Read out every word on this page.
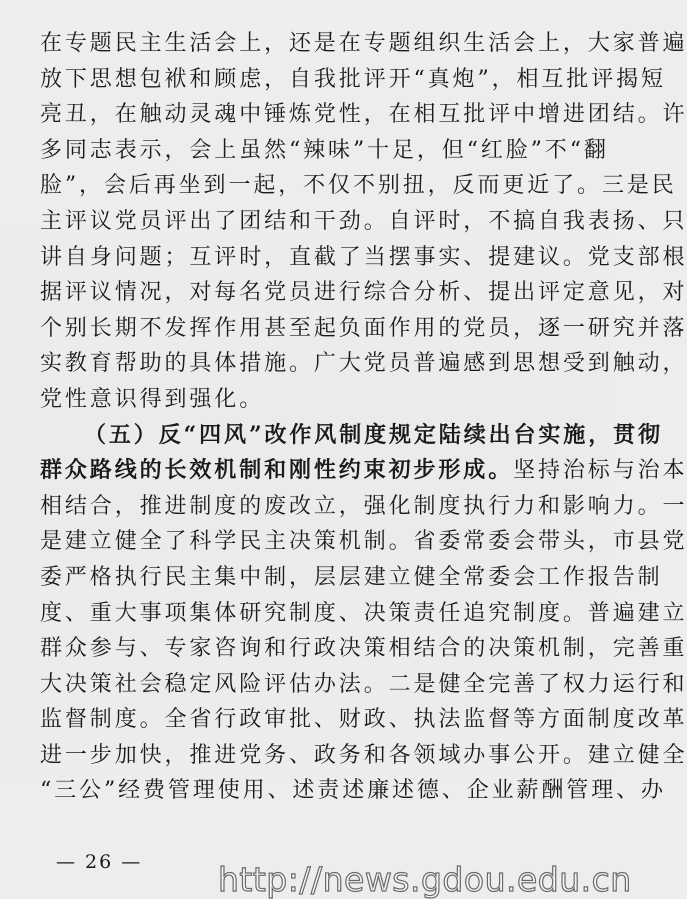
在专题民主生活会上，还是在专题组织生活会上，大家普遍
放下思想包袱和顾虑，自我批评开“真炮”，相互批评揭短
亮丑，在触动灵魂中锤炼党性，在相互批评中增进团结。许
多同志表示，会上虽然“辣味”十足，但“红脸”不“翻
脸”，会后再坐到一起，不仅不别扭，反而更近了。三是民
主评议党员评出了团结和干劲。自评时，不搞自我表扬、只
讲自身问题；互评时，直截了当摆事实、提建议。党支部根
据评议情况，对每名党员进行综合分析、提出评定意见，对
个别长期不发挥作用甚至起负面作用的党员，逐一研究并落
实教育帮助的具体措施。广大党员普遍感到思想受到触动，
党性意识得到强化。
（五）反“四风”改作风制度规定陆续出台实施，贯彻
群众路线的长效机制和刚性约束初步形成。坚持治标与治本
相结合，推进制度的废改立，强化制度执行力和影响力。一
是建立健全了科学民主决策机制。省委常委会带头，市县党
委严格执行民主集中制，层层建立健全常委会工作报告制
度、重大事项集体研究制度、决策责任追究制度。普遍建立
群众参与、专家咨询和行政决策相结合的决策机制，完善重
大决策社会稳定风险评估办法。二是健全完善了权力运行和
监督制度。全省行政审批、财政、执法监督等方面制度改革
进一步加快，推进党务、政务和各领域办事公开。建立健全
“三公”经费管理使用、述责述廉述德、企业薪酬管理、办
— 26 — http://news.gdou.edu.cn
